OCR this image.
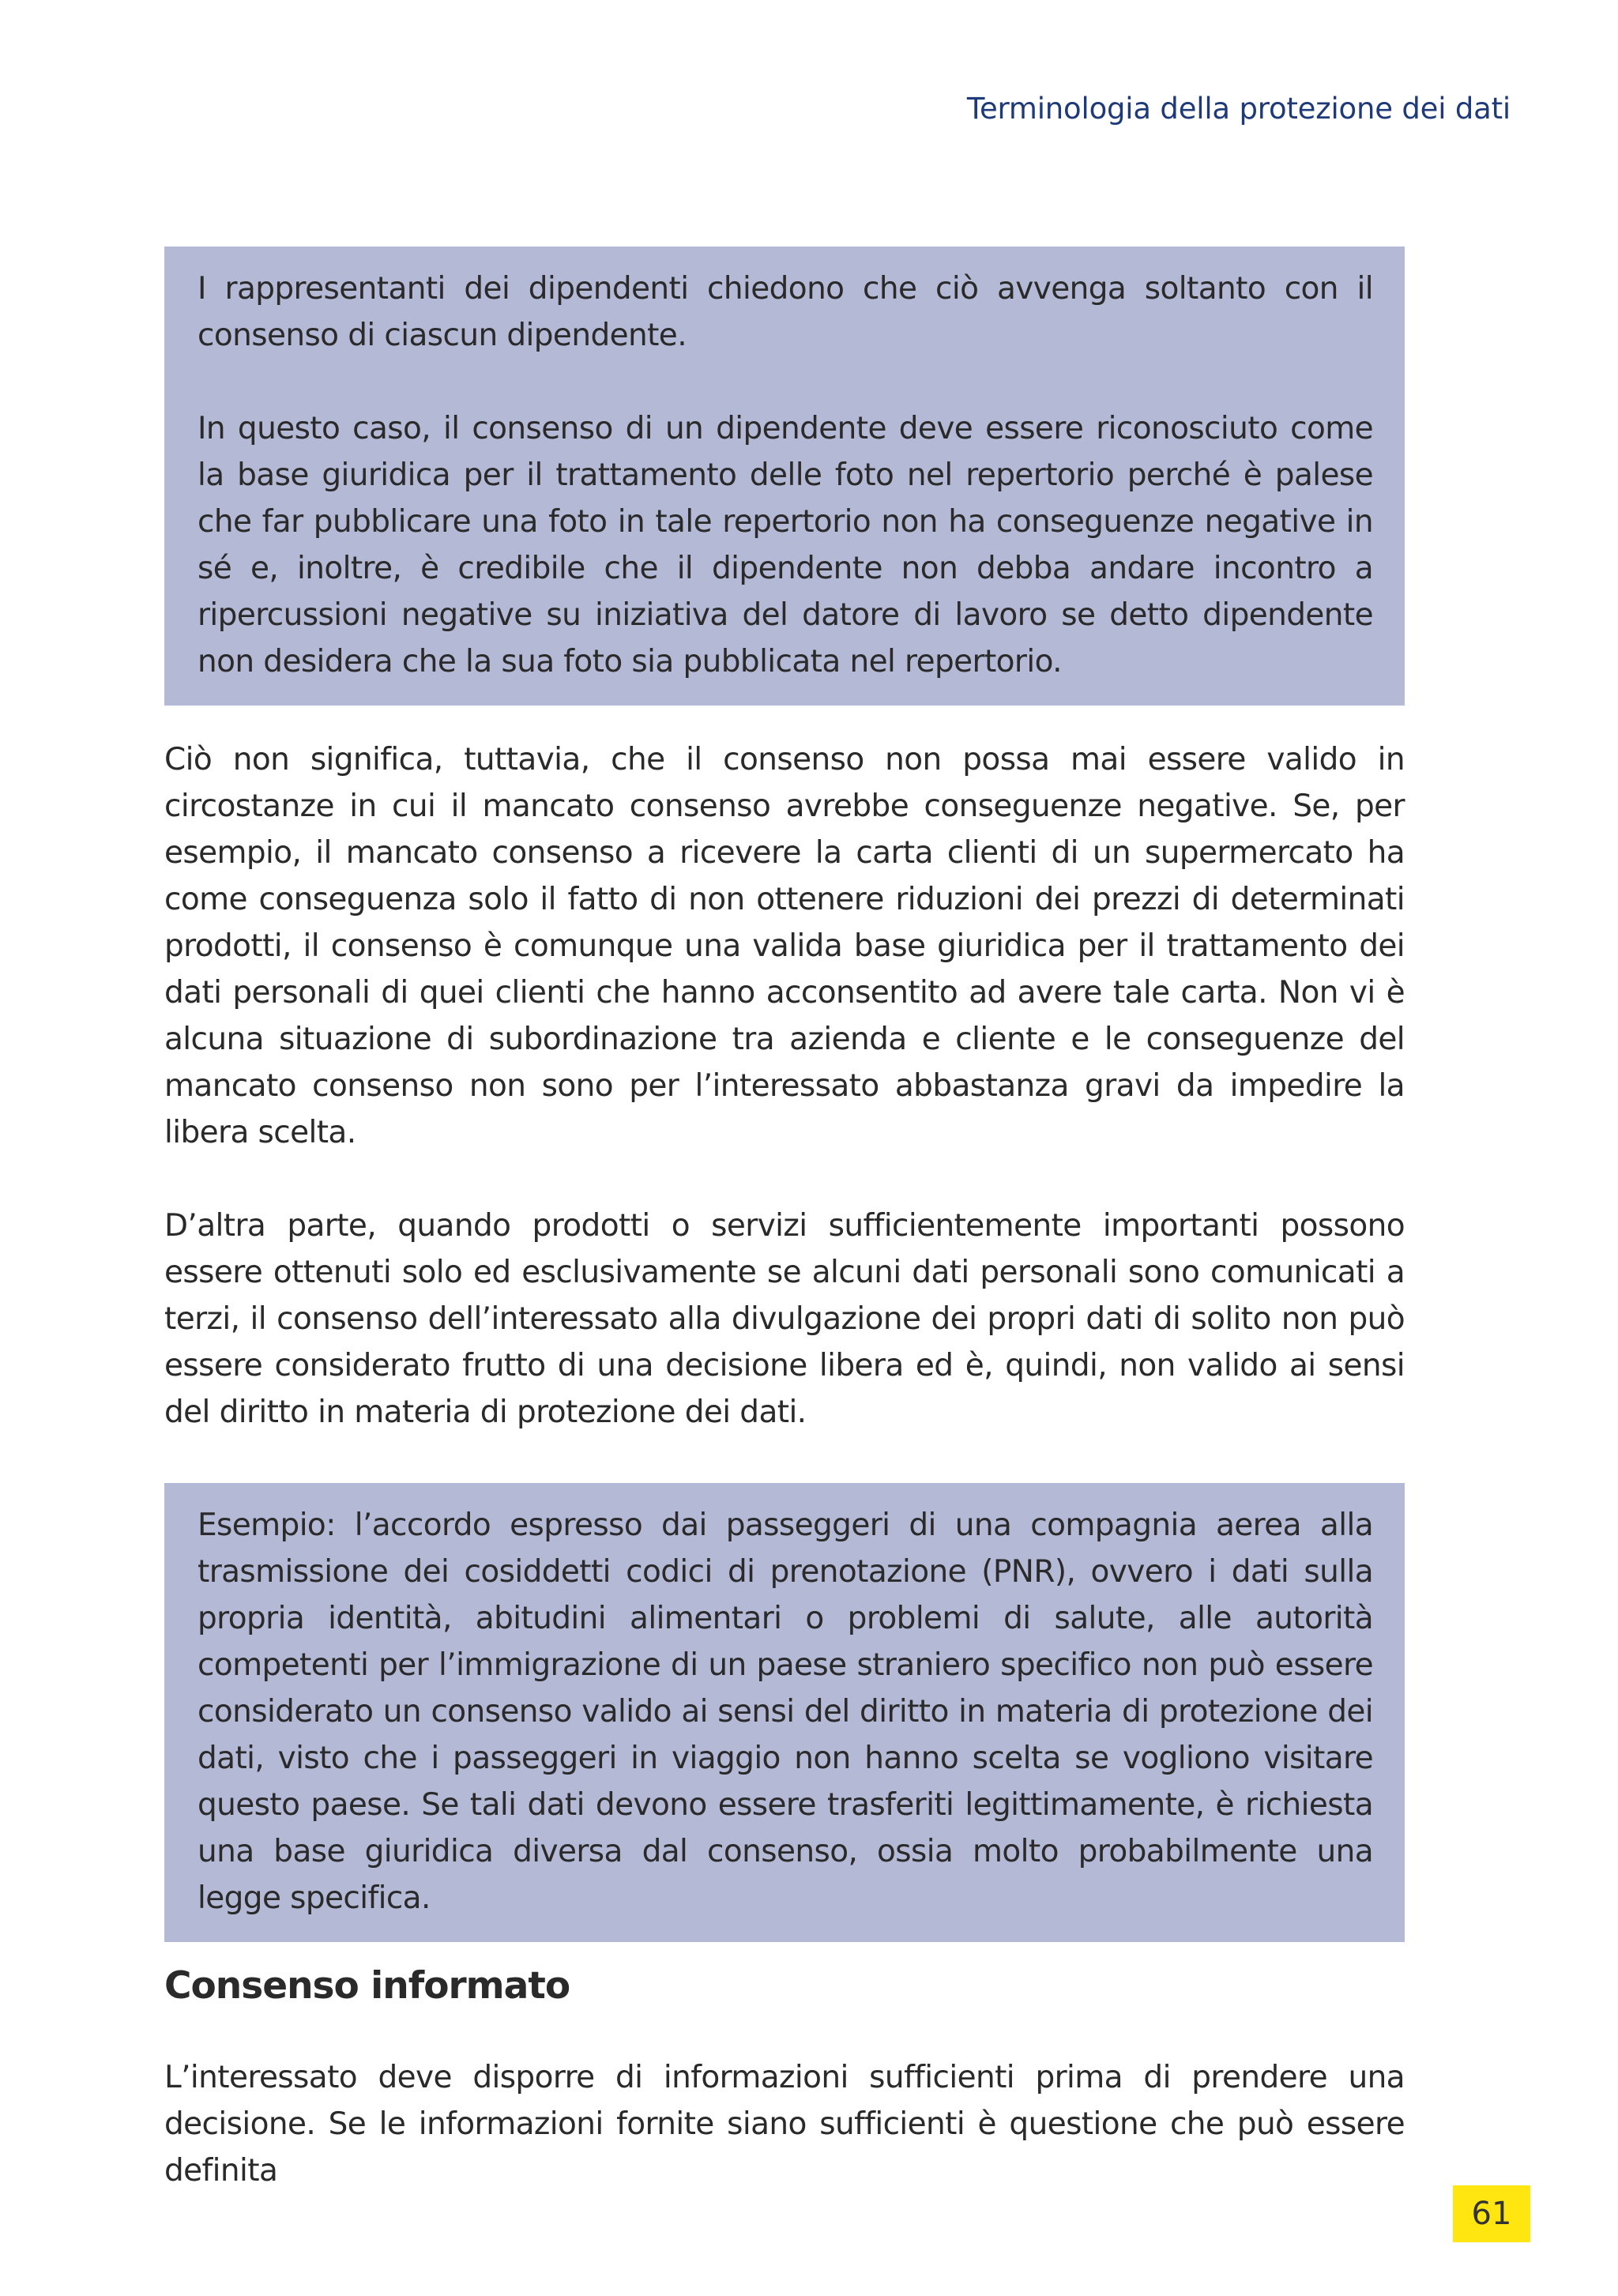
Terminologia della protezione dei dati

I rappresentanti dei dipendenti chiedono che ciò avvenga soltanto con il consenso di ciascun dipendente.

In questo caso, il consenso di un dipendente deve essere riconosciuto come la base giuridica per il trattamento delle foto nel repertorio perché è palese che far pubblicare una foto in tale repertorio non ha conseguenze negative in sé e, inoltre, è credibile che il dipendente non debba andare incontro a ripercussioni negative su iniziativa del datore di lavoro se detto dipendente non desidera che la sua foto sia pubblicata nel repertorio.

Ciò non significa, tuttavia, che il consenso non possa mai essere valido in circostanze in cui il mancato consenso avrebbe conseguenze negative. Se, per esempio, il mancato consenso a ricevere la carta clienti di un supermercato ha come conseguenza solo il fatto di non ottenere riduzioni dei prezzi di determinati prodotti, il consenso è comunque una valida base giuridica per il trattamento dei dati personali di quei clienti che hanno acconsentito ad avere tale carta. Non vi è alcuna situazione di subordinazione tra azienda e cliente e le conseguenze del mancato consenso non sono per l’interessato abbastanza gravi da impedire la libera scelta.

D’altra parte, quando prodotti o servizi sufficientemente importanti possono essere ottenuti solo ed esclusivamente se alcuni dati personali sono comunicati a terzi, il consenso dell’interessato alla divulgazione dei propri dati di solito non può essere considerato frutto di una decisione libera ed è, quindi, non valido ai sensi del diritto in materia di protezione dei dati.

Esempio: l’accordo espresso dai passeggeri di una compagnia aerea alla trasmissione dei cosiddetti codici di prenotazione (PNR), ovvero i dati sulla propria identità, abitudini alimentari o problemi di salute, alle autorità competenti per l’immigrazione di un paese straniero specifico non può essere considerato un consenso valido ai sensi del diritto in materia di protezione dei dati, visto che i passeggeri in viaggio non hanno scelta se vogliono visitare questo paese. Se tali dati devono essere trasferiti legittimamente, è richiesta una base giuridica diversa dal consenso, ossia molto probabilmente una legge specifica.

Consenso informato

L’interessato deve disporre di informazioni sufficienti prima di prendere una decisione. Se le informazioni fornite siano sufficienti è questione che può essere definita

61
